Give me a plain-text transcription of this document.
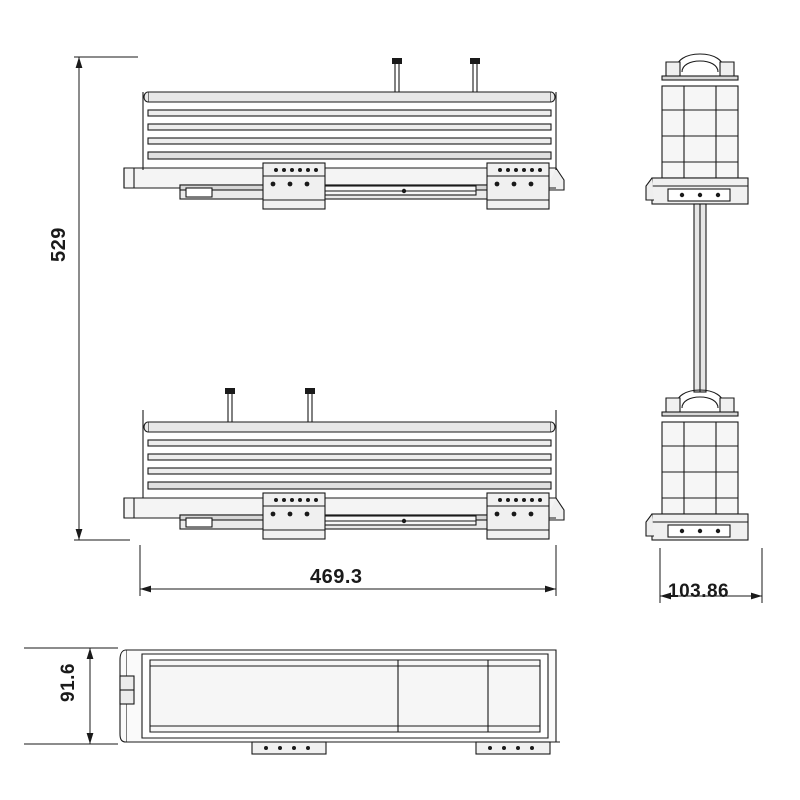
529
469.3
103.86
91.6
